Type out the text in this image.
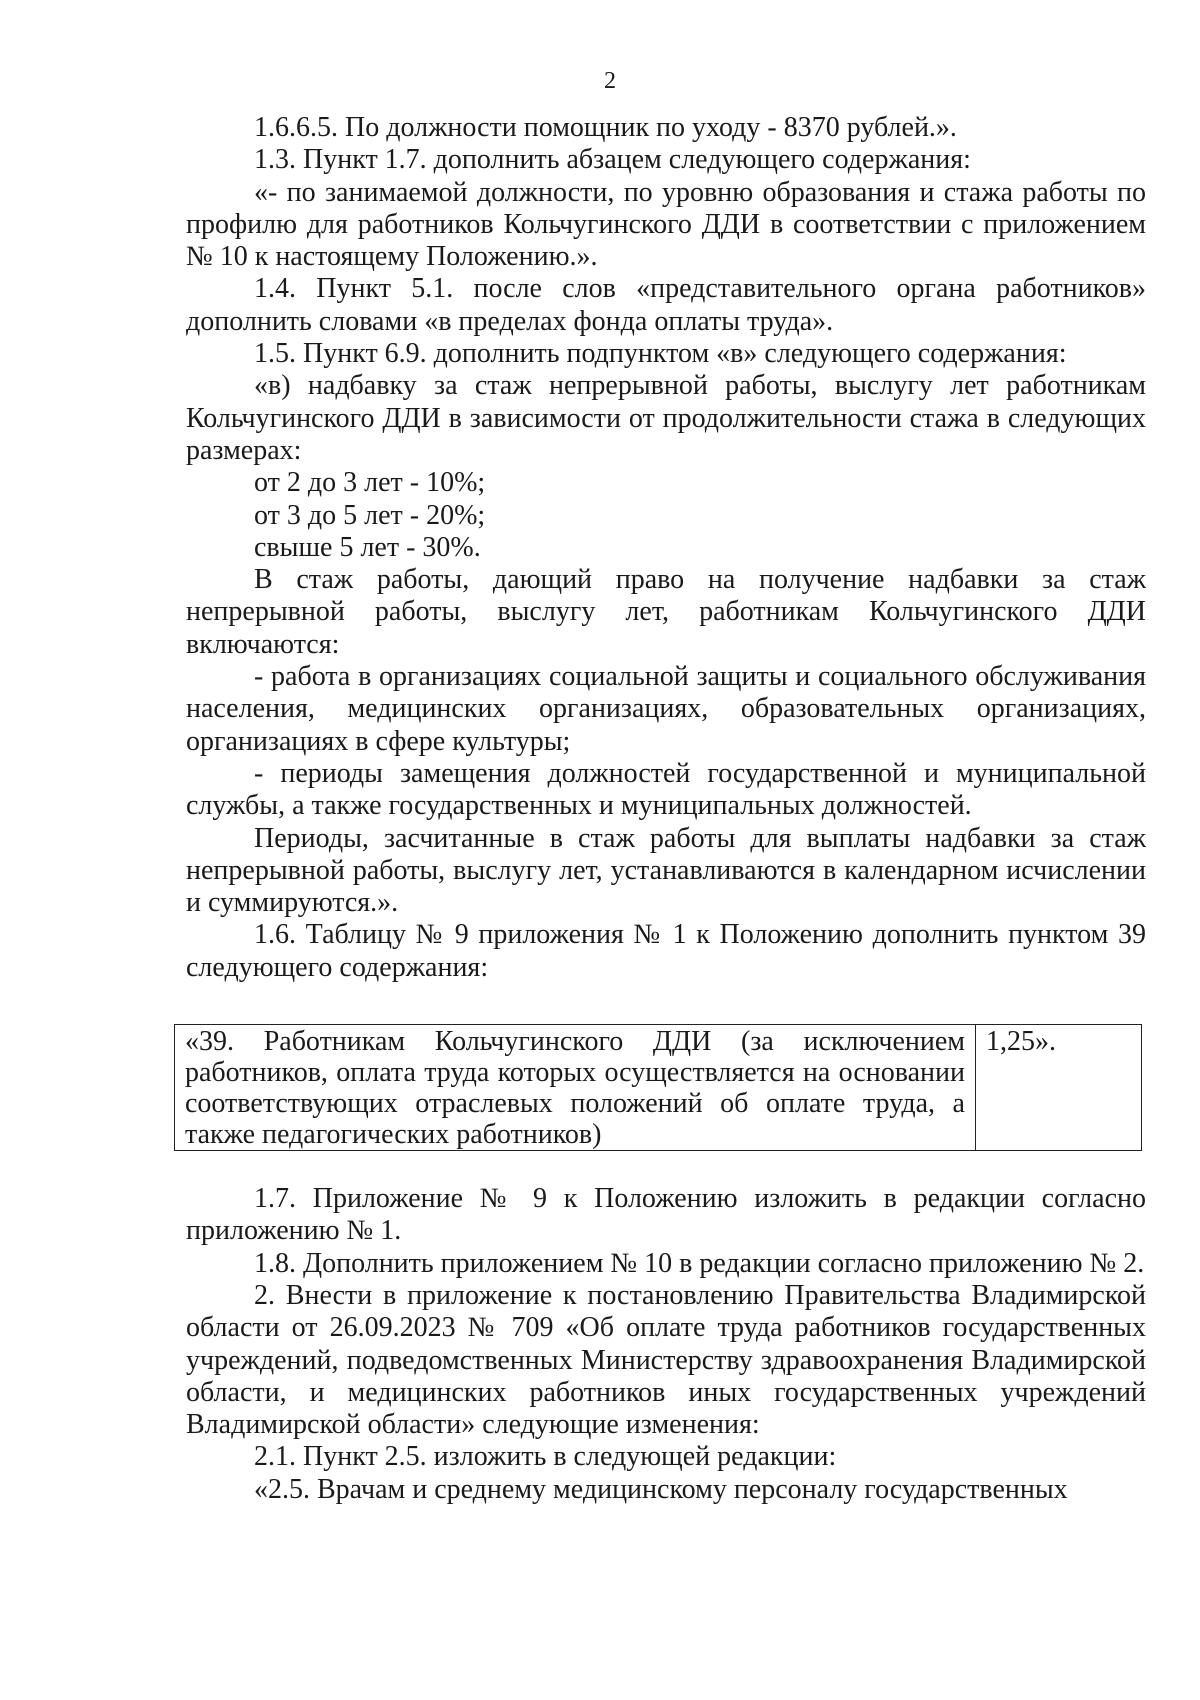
2

1.6.6.5. По должности помощник по уходу - 8370 рублей.».

1.3. Пункт 1.7. дополнить абзацем следующего содержания:

«- по занимаемой должности, по уровню образования и стажа работы по профилю для работников Кольчугинского ДДИ в соответствии с приложением № 10 к настоящему Положению.».

1.4. Пункт 5.1. после слов «представительного органа работников» дополнить словами «в пределах фонда оплаты труда».

1.5. Пункт 6.9. дополнить подпунктом «в» следующего содержания:

«в) надбавку за стаж непрерывной работы, выслугу лет работникам Кольчугинского ДДИ в зависимости от продолжительности стажа в следующих размерах:

от 2 до 3 лет - 10%;

от 3 до 5 лет - 20%;

свыше 5 лет - 30%.

В стаж работы, дающий право на получение надбавки за стаж непрерывной работы, выслугу лет, работникам Кольчугинского ДДИ включаются:

- работа в организациях социальной защиты и социального обслуживания населения, медицинских организациях, образовательных организациях, организациях в сфере культуры;

- периоды замещения должностей государственной и муниципальной службы, а также государственных и муниципальных должностей.

Периоды, засчитанные в стаж работы для выплаты надбавки за стаж непрерывной работы, выслугу лет, устанавливаются в календарном исчислении и суммируются.».

1.6. Таблицу № 9 приложения № 1 к Положению дополнить пунктом 39 следующего содержания:

«39. Работникам Кольчугинского ДДИ (за исключением работников, оплата труда которых осуществляется на основании соответствующих отраслевых положений об оплате труда, а также педагогических работников)	1,25».

1.7. Приложение № 9 к Положению изложить в редакции согласно приложению № 1.

1.8. Дополнить приложением № 10 в редакции согласно приложению № 2.

2. Внести в приложение к постановлению Правительства Владимирской области от 26.09.2023 № 709 «Об оплате труда работников государственных учреждений, подведомственных Министерству здравоохранения Владимирской области, и медицинских работников иных государственных учреждений Владимирской области» следующие изменения:

2.1. Пункт 2.5. изложить в следующей редакции:

«2.5. Врачам и среднему медицинскому персоналу государственных
